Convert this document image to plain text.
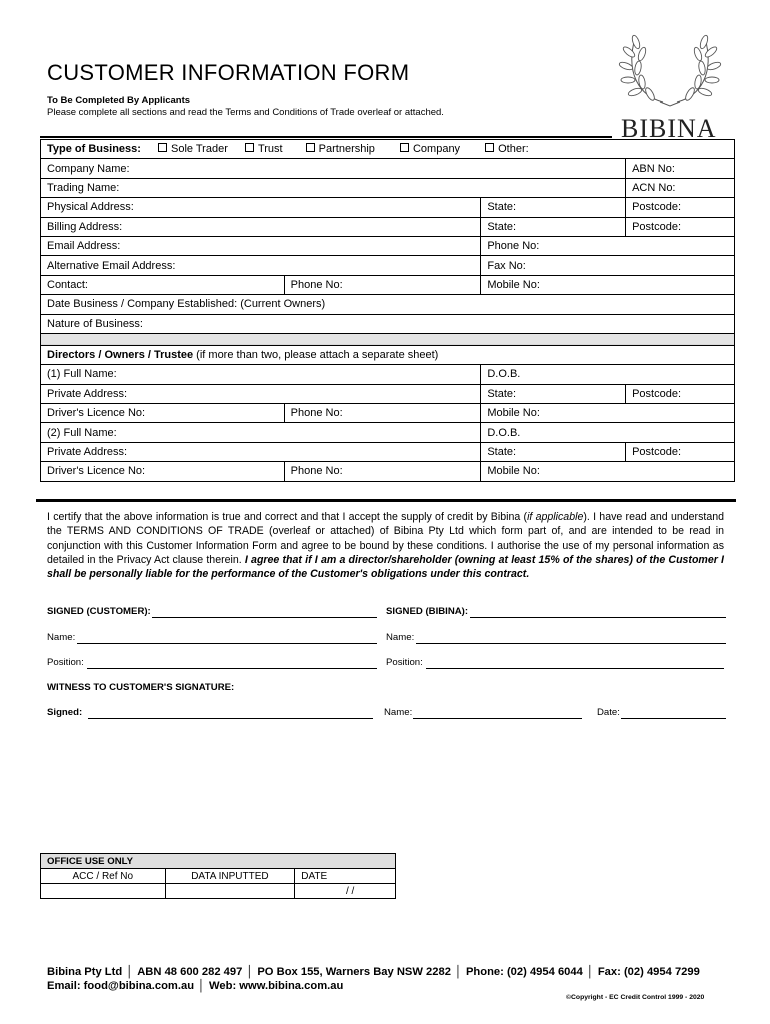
CUSTOMER INFORMATION FORM
To Be Completed By Applicants
Please complete all sections and read the Terms and Conditions of Trade overleaf or attached.
BIBINA
Type of Business: Sole Trader Trust Partnership Company Other:			
Company Name:			ABN No:
Trading Name:			ACN No:
Physical Address:		State:	Postcode:
Billing Address:		State:	Postcode:
Email Address:		Phone No:	
Alternative Email Address:		Fax No:	
Contact:	Phone No:	Mobile No:	
Date Business / Company Established: (Current Owners)			
Nature of Business:			

Directors / Owners / Trustee (if more than two, please attach a separate sheet)			
(1) Full Name:		D.O.B.	
Private Address:		State:	Postcode:
Driver's Licence No:	Phone No:	Mobile No:	
(2) Full Name:		D.O.B.	
Private Address:		State:	Postcode:
Driver's Licence No:	Phone No:	Mobile No:	
I certify that the above information is true and correct and that I accept the supply of credit by Bibina (if applicable). I have read and understand the TERMS AND CONDITIONS OF TRADE (overleaf or attached) of Bibina Pty Ltd which form part of, and are intended to be read in conjunction with this Customer Information Form and agree to be bound by these conditions. I authorise the use of my personal information as detailed in the Privacy Act clause therein. I agree that if I am a director/shareholder (owning at least 15% of the shares) of the Customer I shall be personally liable for the performance of the Customer's obligations under this contract.
SIGNED (CUSTOMER):	SIGNED (BIBINA):
Name:	Name:
Position:	Position:
WITNESS TO CUSTOMER'S SIGNATURE:
Signed:	Name:	Date:
OFFICE USE ONLY		
ACC / Ref No	DATA INPUTTED	DATE
		/ /
Bibina Pty Ltd │ ABN 48 600 282 497 │ PO Box 155, Warners Bay NSW 2282 │ Phone: (02) 4954 6044 │ Fax: (02) 4954 7299
Email: food@bibina.com.au │ Web: www.bibina.com.au
©Copyright - EC Credit Control 1999 - 2020
